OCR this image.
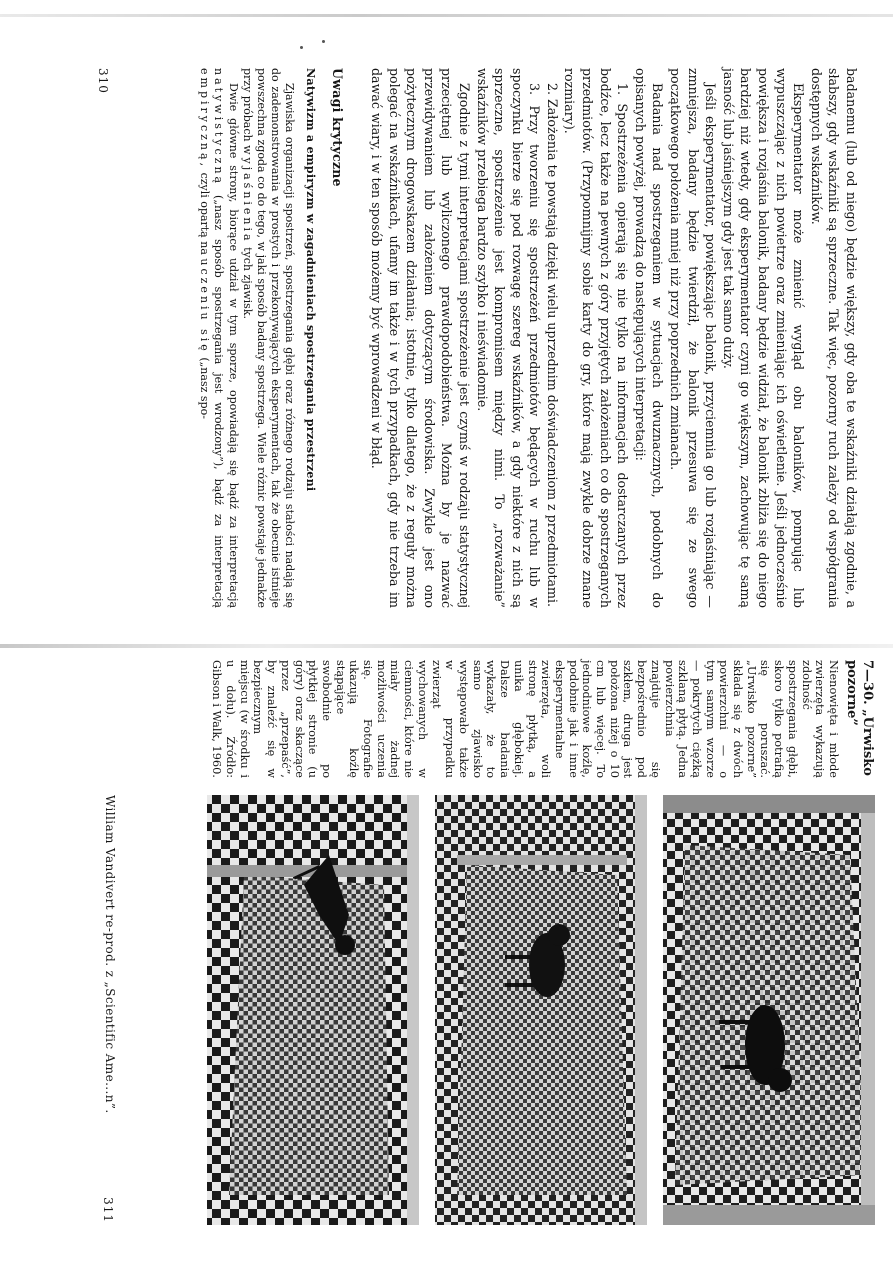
badanemu (lub od niego) będzie większy, gdy oba te wskaźniki działają zgodnie, a słabszy, gdy wskaźniki są sprzeczne. Tak więc, pozorny ruch zależy od współgrania dostępnych wskaźników.

Eksperymentator może zmienić wygląd obu baloników, pompując lub wypuszczając z nich powietrze oraz zmieniając ich oświetlenie. Jeśli jednocześnie powiększa i rozjaśnia balonik, badany będzie widział, że balonik zbliża się do niego bardziej niż wtedy, gdy eksperymentator czyni go większym, zachowując tę samą jasność lub jaśniejszym gdy jest tak samo duży.

Jeśli eksperymentator, powiększając balonik, przyciemnia go lub rozjaśniając — zmniejsza, badany będzie twierdził, że balonik przesuwa się ze swego początkowego położenia mniej niż przy poprzednich zmianach.

Badania nad spostrzeganiem w sytuacjach dwuznacznych, podobnych do opisanych powyżej, prowadzą do następujących interpretacji:

1. Spostrzeżenia opierają się nie tylko na informacjach dostarczanych przez bodźce, lecz także na pewnych z góry przyjętych założeniach co do spostrzeganych przedmiotów. (Przypomnijmy sobie karty do gry, które mają zwykle dobrze znane rozmiary).

2. Założenia te powstają dzięki wielu uprzednim doświadczeniom z przedmiotami.

3. Przy tworzeniu się spostrzeżeń przedmiotów będących w ruchu lub w spoczynku bierze się pod rozwagę szereg wskaźników, a gdy niektóre z nich są sprzeczne, spostrzeżenie jest kompromisem między nimi. To „rozważanie” wskaźników przebiega bardzo szybko i nieświadomie.

Zgodnie z tymi interpretacjami spostrzeżenie jest czymś w rodzaju statystycznej przeciętnej lub wyliczonego prawdopodobieństwa. Można by je nazwać przewidywaniem lub założeniem dotyczącym środowiska. Zwykle jest ono pożytecznym drogowskazem działania; istotnie, tylko dlatego, że z reguły można polegać na wskaźnikach, ufamy im także i w tych przypadkach, gdy nie trzeba im dawać wiary, i w ten sposób możemy być wprowadzeni w błąd.

Uwagi krytyczne
Natywizm a empiryzm w zagadnieniach spostrzegania przestrzeni

Zjawiska organizacji spostrzeń, spostrzegania głębi oraz różnego rodzaju stałości nadają się do zademonstrowania w prostych i przekonywających eksperymentach, tak że obecnie istnieje powszechna zgoda co do tego, w jaki sposób badany spostrzega. Wiele różnic powstaje jednakże przy próbach wyjaśnienia tych zjawisk.

Dwie główne strony, biorące udział w tym sporze, opowiadają się bądź za interpretacją natywistyczną („nasz sposób spostrzegania jest wrodzony”), bądź za interpretacją empiryczną, czyli opartą na uczeniu się („nasz spo-

310
7—30. „Urwisko pozorne”

Nienowięta i młode zwierzęta wykazują zdolność spostrzegania głębi, skoro tylko potrafią się poruszać. „Urwisko pozorne” składa się z dwóch powierzchni — o tym samym wzorze — pokrytych ciężką szklaną płytą. Jedna powierzchnia znajduje się bezpośrednio pod szkłem, druga jest położona niżej o 10 cm lub więcej. To jednodniowe koźlę, podobnie jak i inne eksperymentalne zwierzęta, woli stronę płytką, a unika głębokiej. Dalsze badania wykazały, że to samo zjawisko występowało także w przypadku zwierząt wychowanych w ciemności, które nie miały żadnej możliwości uczenia się. Fotografie ukazują koźlę stąpające swobodnie po płytkiej stronie (u góry) oraz skaczące przez „przepaść”, by znaleźć się w bezpiecznym miejscu (w środku i u dołu). Źródło: Gibson i Walk, 1960.

William Vandivert re-prod. z „Scientific Ame...n”.
311
